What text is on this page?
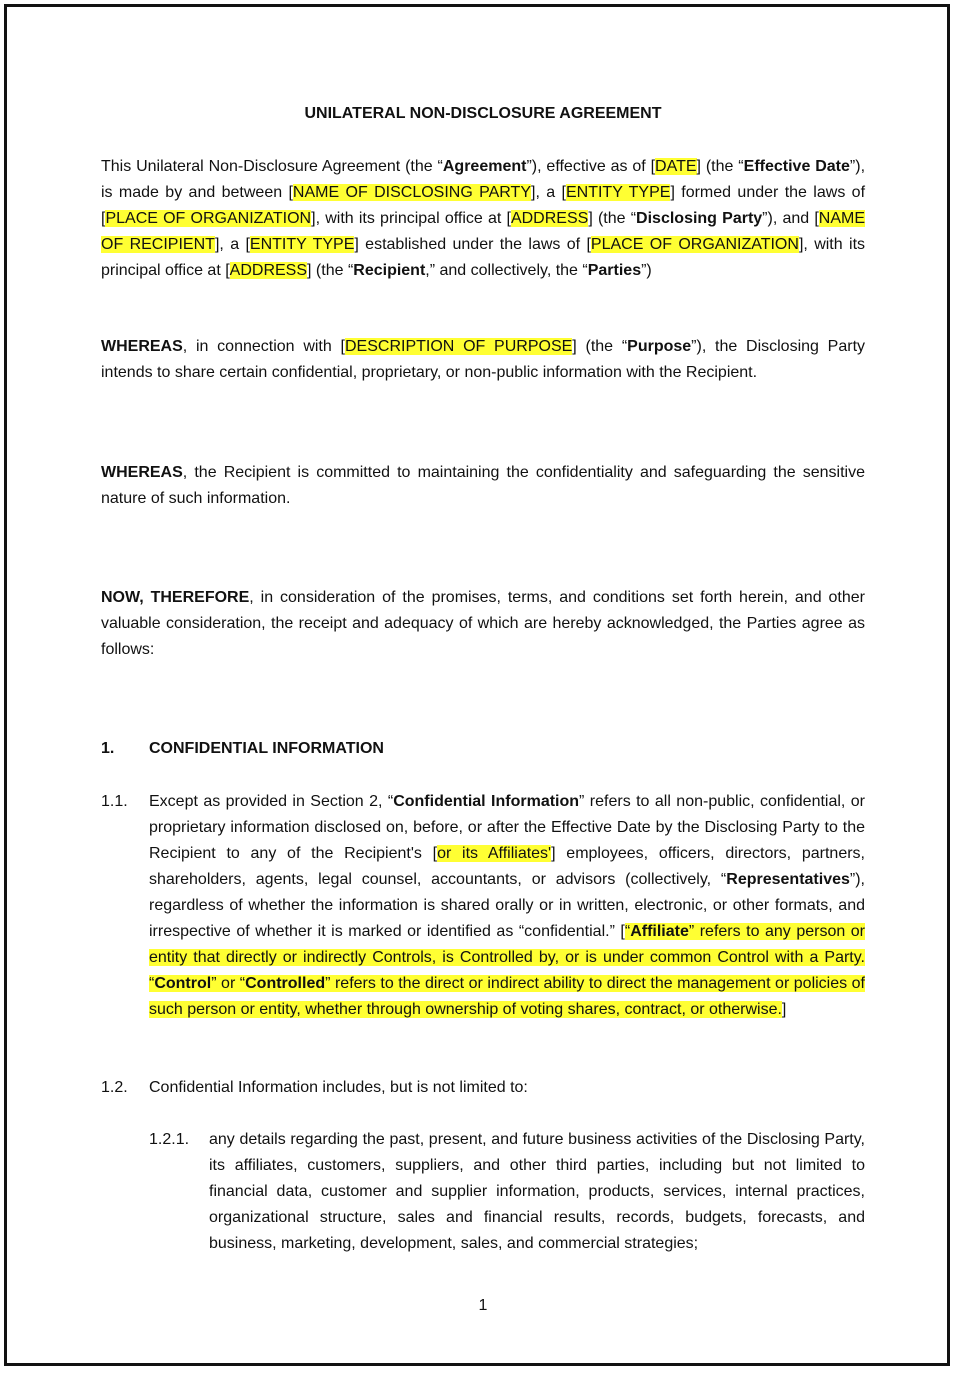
UNILATERAL NON-DISCLOSURE AGREEMENT
This Unilateral Non-Disclosure Agreement (the “Agreement”), effective as of [DATE] (the “Effective Date”), is made by and between [NAME OF DISCLOSING PARTY], a [ENTITY TYPE] formed under the laws of [PLACE OF ORGANIZATION], with its principal office at [ADDRESS] (the “Disclosing Party”), and [NAME OF RECIPIENT], a [ENTITY TYPE] established under the laws of [PLACE OF ORGANIZATION], with its principal office at [ADDRESS] (the “Recipient,” and collectively, the “Parties”)
WHEREAS, in connection with [DESCRIPTION OF PURPOSE] (the “Purpose”), the Disclosing Party intends to share certain confidential, proprietary, or non-public information with the Recipient.
WHEREAS, the Recipient is committed to maintaining the confidentiality and safeguarding the sensitive nature of such information.
NOW, THEREFORE, in consideration of the promises, terms, and conditions set forth herein, and other valuable consideration, the receipt and adequacy of which are hereby acknowledged, the Parties agree as follows:
1. CONFIDENTIAL INFORMATION
1.1. Except as provided in Section 2, “Confidential Information” refers to all non-public, confidential, or proprietary information disclosed on, before, or after the Effective Date by the Disclosing Party to the Recipient to any of the Recipient's [or its Affiliates'] employees, officers, directors, partners, shareholders, agents, legal counsel, accountants, or advisors (collectively, “Representatives”), regardless of whether the information is shared orally or in written, electronic, or other formats, and irrespective of whether it is marked or identified as “confidential.” [“Affiliate” refers to any person or entity that directly or indirectly Controls, is Controlled by, or is under common Control with a Party. “Control” or “Controlled” refers to the direct or indirect ability to direct the management or policies of such person or entity, whether through ownership of voting shares, contract, or otherwise.]
1.2. Confidential Information includes, but is not limited to:
1.2.1. any details regarding the past, present, and future business activities of the Disclosing Party, its affiliates, customers, suppliers, and other third parties, including but not limited to financial data, customer and supplier information, products, services, internal practices, organizational structure, sales and financial results, records, budgets, forecasts, and business, marketing, development, sales, and commercial strategies;
1
